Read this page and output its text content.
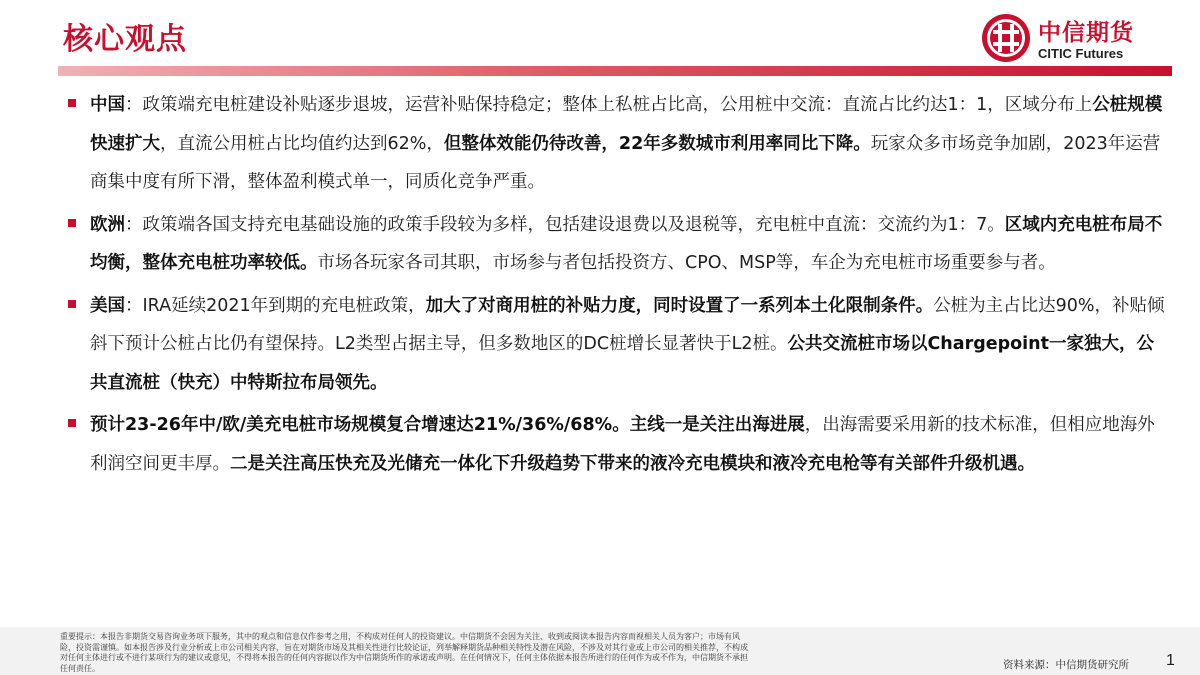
核心观点	中信期货
CITIC Futures
中国：政策端充电桩建设补贴逐步退坡，运营补贴保持稳定；整体上私桩占比高，公用桩中交流：直流占比约达1：1，区域分布上公桩规模快速扩大，直流公用桩占比均值约达到62%，但整体效能仍待改善，22年多数城市利用率同比下降。玩家众多市场竞争加剧，2023年运营商集中度有所下滑，整体盈利模式单一，同质化竞争严重。
欧洲：政策端各国支持充电基础设施的政策手段较为多样，包括建设退费以及退税等，充电桩中直流：交流约为1：7。区域内充电桩布局不均衡，整体充电桩功率较低。市场各玩家各司其职，市场参与者包括投资方、CPO、MSP等，车企为充电桩市场重要参与者。
美国：IRA延续2021年到期的充电桩政策，加大了对商用桩的补贴力度，同时设置了一系列本土化限制条件。公桩为主占比达90%，补贴倾斜下预计公桩占比仍有望保持。L2类型占据主导，但多数地区的DC桩增长显著快于L2桩。公共交流桩市场以Chargepoint一家独大，公共直流桩（快充）中特斯拉布局领先。
预计23-26年中/欧/美充电桩市场规模复合增速达21%/36%/68%。主线一是关注出海进展，出海需要采用新的技术标准，但相应地海外利润空间更丰厚。二是关注高压快充及光储充一体化下升级趋势下带来的液冷充电模块和液冷充电枪等有关部件升级机遇。
重要提示：本报告非期货交易咨询业务项下服务，其中的观点和信息仅作参考之用，不构成对任何人的投资建议。中信期货不会因为关注、收到或阅读本报告内容而视相关人员为客户；市场有风险，投资需谨慎。如本报告涉及行业分析或上市公司相关内容，旨在对期货市场及其相关性进行比较论证，列举解释期货品种相关特性及潜在风险，不涉及对其行业或上市公司的相关推荐，不构成对任何主体进行或不进行某项行为的建议或意见，不得将本报告的任何内容据以作为中信期货所作的承诺或声明。在任何情况下，任何主体依据本报告所进行的任何作为或不作为，中信期货不承担任何责任。	资料来源：中信期货研究所 1
